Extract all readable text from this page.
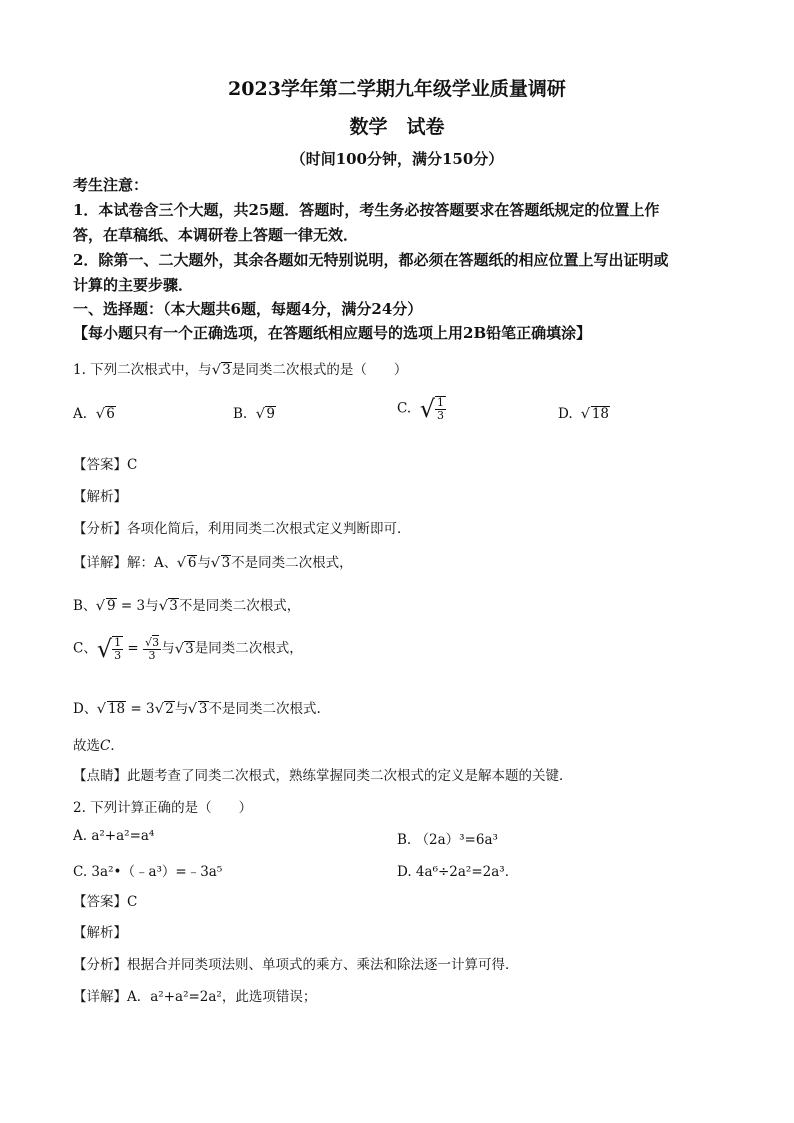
2023学年第二学期九年级学业质量调研
数学　试卷
（时间100分钟，满分150分）
考生注意：
1．本试卷含三个大题，共25题．答题时，考生务必按答题要求在答题纸规定的位置上作
答，在草稿纸、本调研卷上答题一律无效．
2．除第一、二大题外，其余各题如无特别说明，都必须在答题纸的相应位置上写出证明或
计算的主要步骤．
一、选择题：（本大题共6题，每题4分，满分24分）
【每小题只有一个正确选项，在答题纸相应题号的选项上用2B铅笔正确填涂】
1. 下列二次根式中，与√ 3是同类二次根式的是（　　）
A. √ 6	B. √ 9	C. √ $\frac{1}{3}$	D. √ 18
【答案】C
【解析】
【分析】各项化简后，利用同类二次根式定义判断即可．
【详解】解：A、√ 6与√ 3不是同类二次根式，
B、√ 9 = 3与√ 3不是同类二次根式，
C、√ $\frac{1}{3} = \frac{√3}{3}$ 与√ 3是同类二次根式，
D、√ 18 = 3√ 2与√ 3不是同类二次根式.
故选C．
【点睛】此题考查了同类二次根式，熟练掌握同类二次根式的定义是解本题的关键．
2. 下列计算正确的是（　　）
A. a²+a²=a⁴	B. （2a）³=6a³
C. 3a²•（﹣a³）=﹣3a⁵	D. 4a⁶÷2a²=2a³．
【答案】C
【解析】
【分析】根据合并同类项法则、单项式的乘方、乘法和除法逐一计算可得．
【详解】A．a²+a²=2a²，此选项错误；
